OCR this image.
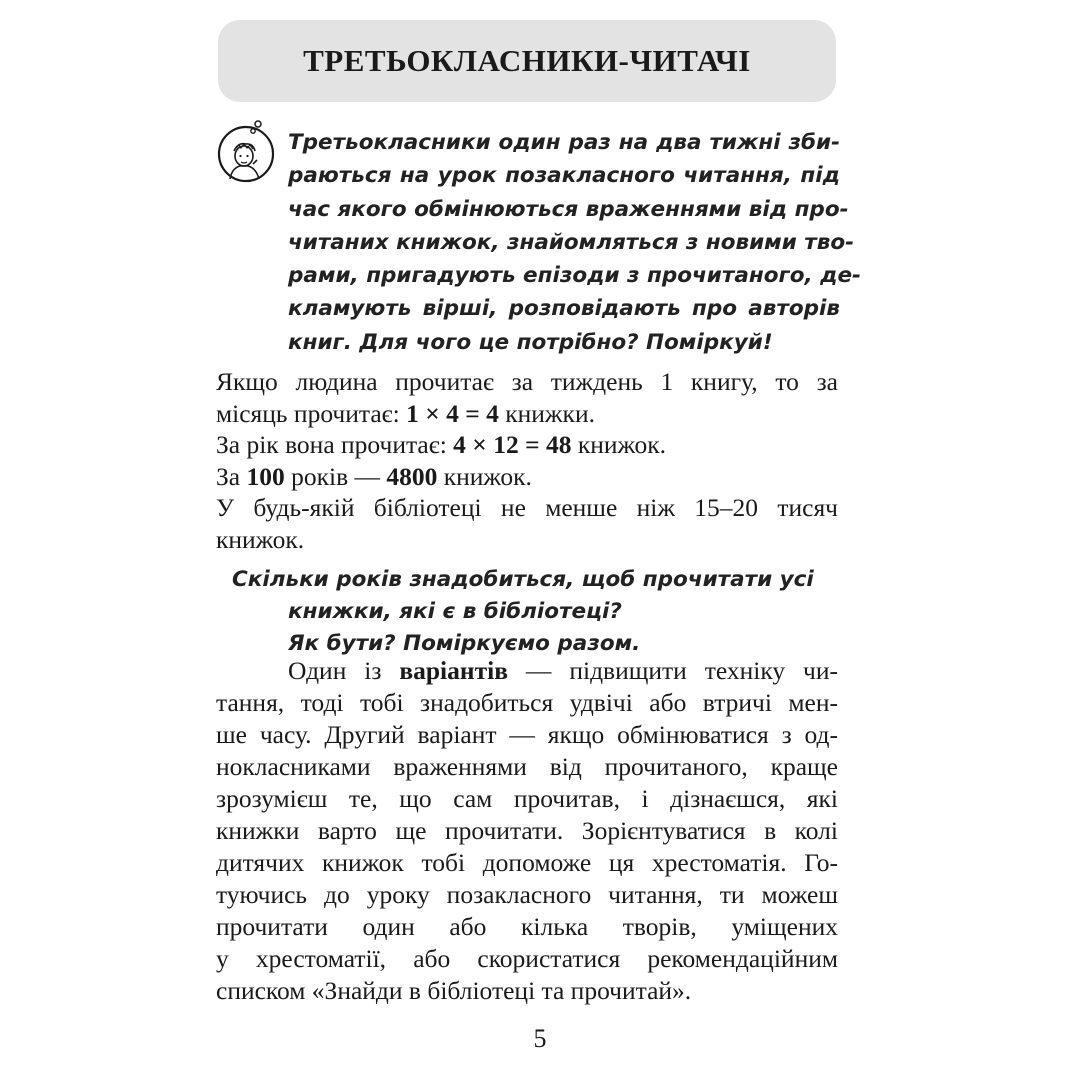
ТРЕТЬОКЛАСНИКИ-ЧИТАЧІ
Третьокласники один раз на два тижні зби-
раються на урок позакласного читання, під
час якого обмінюються враженнями від про-
читаних книжок, знайомляться з новими тво-
рами, пригадують епізоди з прочитаного, де-
кламують вірші, розповідають про авторів
книг. Для чого це потрібно? Поміркуй!
Якщо людина прочитає за тиждень 1 книгу, то за
місяць прочитає: 1 × 4 = 4 книжки.
За рік вона прочитає: 4 × 12 = 48 книжок.
За 100 років — 4800 книжок.
У будь-якій бібліотеці не менше ніж 15–20 тисяч
книжок.
Скільки років знадобиться, щоб прочитати усі
книжки, які є в бібліотеці?
Як бути? Поміркуємо разом.
Один із варіантів — підвищити техніку чи-
тання, тоді тобі знадобиться удвічі або втричі мен-
ше часу. Другий варіант — якщо обмінюватися з од-
нокласниками враженнями від прочитаного, краще
зрозумієш те, що сам прочитав, і дізнаєшся, які
книжки варто ще прочитати. Зорієнтуватися в колі
дитячих книжок тобі допоможе ця хрестоматія. Го-
туючись до уроку позакласного читання, ти можеш
прочитати один або кілька творів, уміщених
у хрестоматії, або скористатися рекомендаційним
списком «Знайди в бібліотеці та прочитай».
5
